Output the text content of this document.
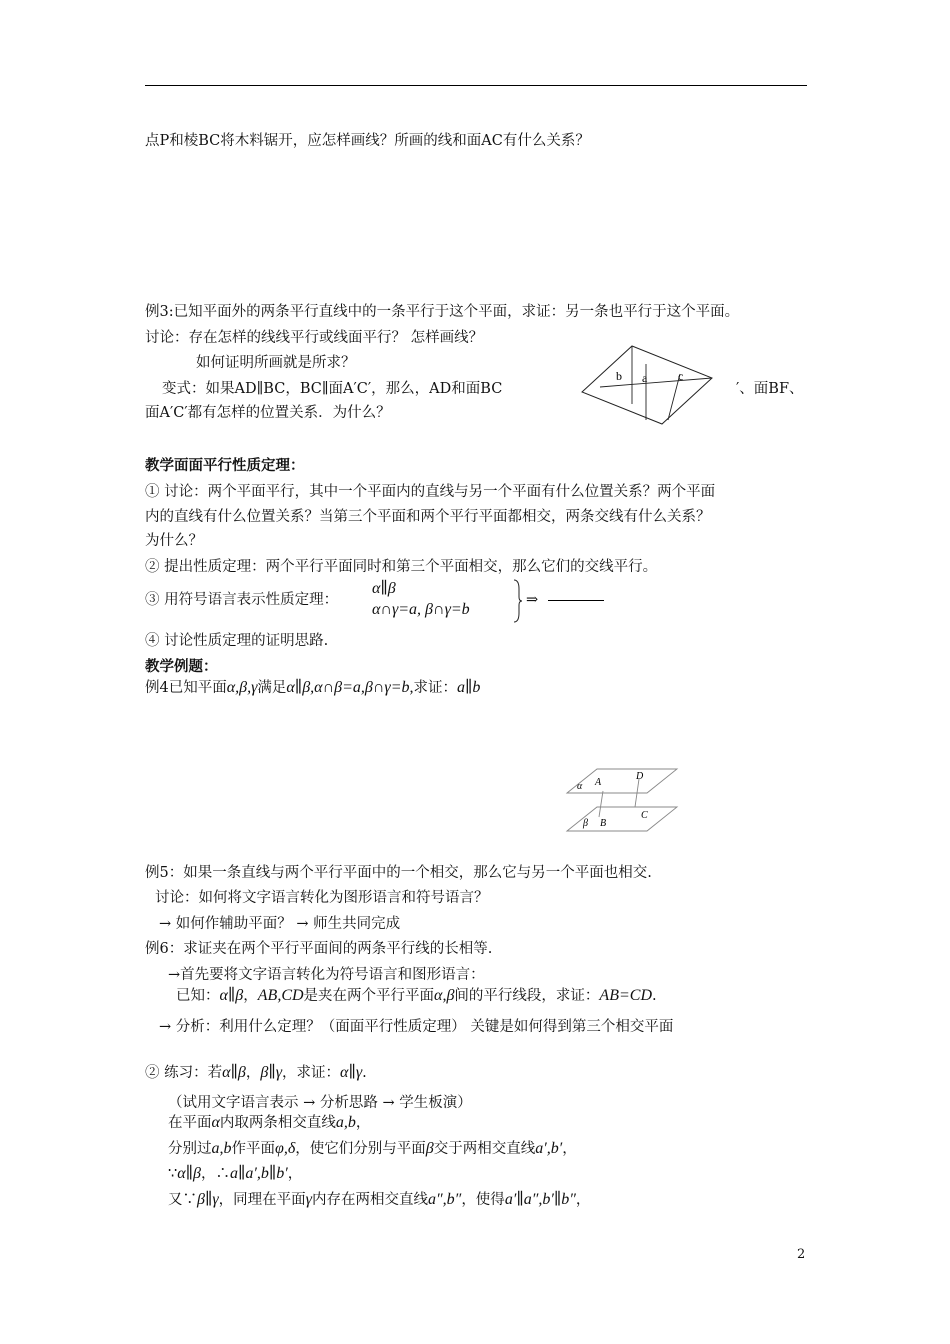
点P和棱BC将木料锯开，应怎样画线？所画的线和面AC有什么关系？
例3:已知平面外的两条平行直线中的一条平行于这个平面，求证：另一条也平行于这个平面。
讨论：存在怎样的线线平行或线面平行？ 怎样画线？
如何证明所画就是所求？
变式：如果AD∥BC，BC∥面A′C′，那么，AD和面BC	′、面BF、
面A′C′都有怎样的位置关系．为什么？
b a	c
教学面面平行性质定理：
① 讨论：两个平面平行，其中一个平面内的直线与另一个平面有什么位置关系？两个平面
内的直线有什么位置关系？当第三个平面和两个平行平面都相交，两条交线有什么关系？
为什么？
② 提出性质定理：两个平行平面同时和第三个平面相交，那么它们的交线平行。
③ 用符号语言表示性质定理：
α∥β
α∩γ=a, β∩γ=b
⇒
④ 讨论性质定理的证明思路.
教学例题：
例4已知平面α,β,γ满足α∥β,α∩β=a,β∩γ=b,求证：a∥b
α A
D
β B
C
例5：如果一条直线与两个平行平面中的一个相交，那么它与另一个平面也相交.
讨论：如何将文字语言转化为图形语言和符号语言？
→ 如何作辅助平面？ → 师生共同完成
例6：求证夹在两个平行平面间的两条平行线的长相等.
→首先要将文字语言转化为符号语言和图形语言：
已知：α∥β，AB,CD是夹在两个平行平面α,β间的平行线段，求证：AB=CD.
→ 分析：利用什么定理？（面面平行性质定理） 关键是如何得到第三个相交平面
② 练习：若α∥β，β∥γ，求证：α∥γ.
（试用文字语言表示 → 分析思路 → 学生板演）
在平面α内取两条相交直线a,b，
分别过a,b作平面φ,δ，使它们分别与平面β交于两相交直线a′,b′，
∵α∥β，∴a∥a′,b∥b′，
又∵β∥γ，同理在平面γ内存在两相交直线a″,b″，使得a′∥a″,b′∥b″，
2
